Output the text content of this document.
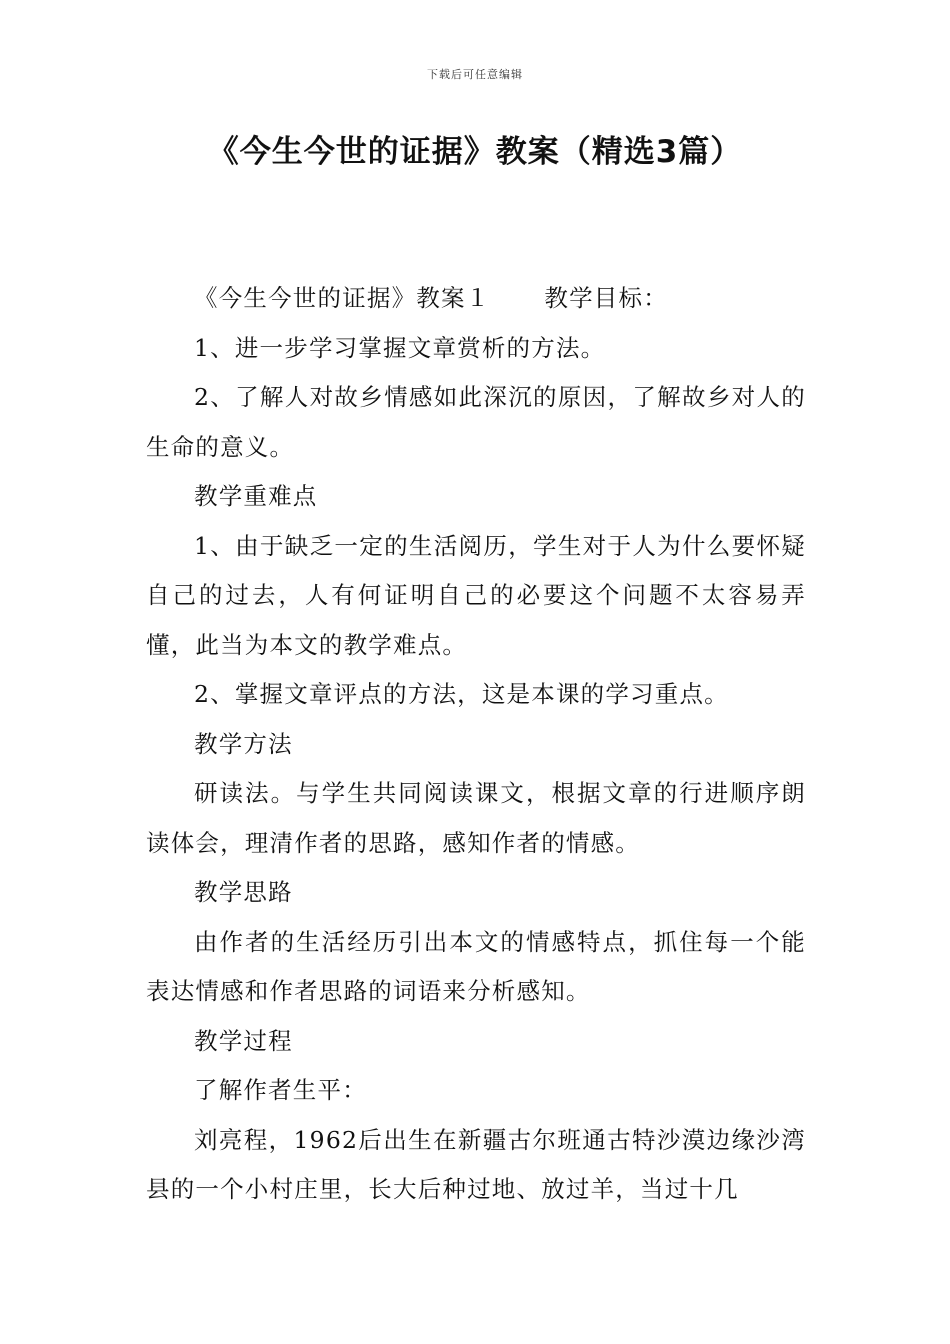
下载后可任意编辑
《今生今世的证据》教案（精选3篇）

《今生今世的证据》教案１ 教学目标：

1、进一步学习掌握文章赏析的方法。

2、了解人对故乡情感如此深沉的原因，了解故乡对人的生命的意义。

教学重难点

1、由于缺乏一定的生活阅历，学生对于人为什么要怀疑自己的过去，人有何证明自己的必要这个问题不太容易弄懂，此当为本文的教学难点。

2、掌握文章评点的方法，这是本课的学习重点。

教学方法

研读法。与学生共同阅读课文，根据文章的行进顺序朗读体会，理清作者的思路，感知作者的情感。

教学思路

由作者的生活经历引出本文的情感特点，抓住每一个能表达情感和作者思路的词语来分析感知。

教学过程

了解作者生平：

刘亮程，1962后出生在新疆古尔班通古特沙漠边缘沙湾县的一个小村庄里，长大后种过地、放过羊，当过十几
